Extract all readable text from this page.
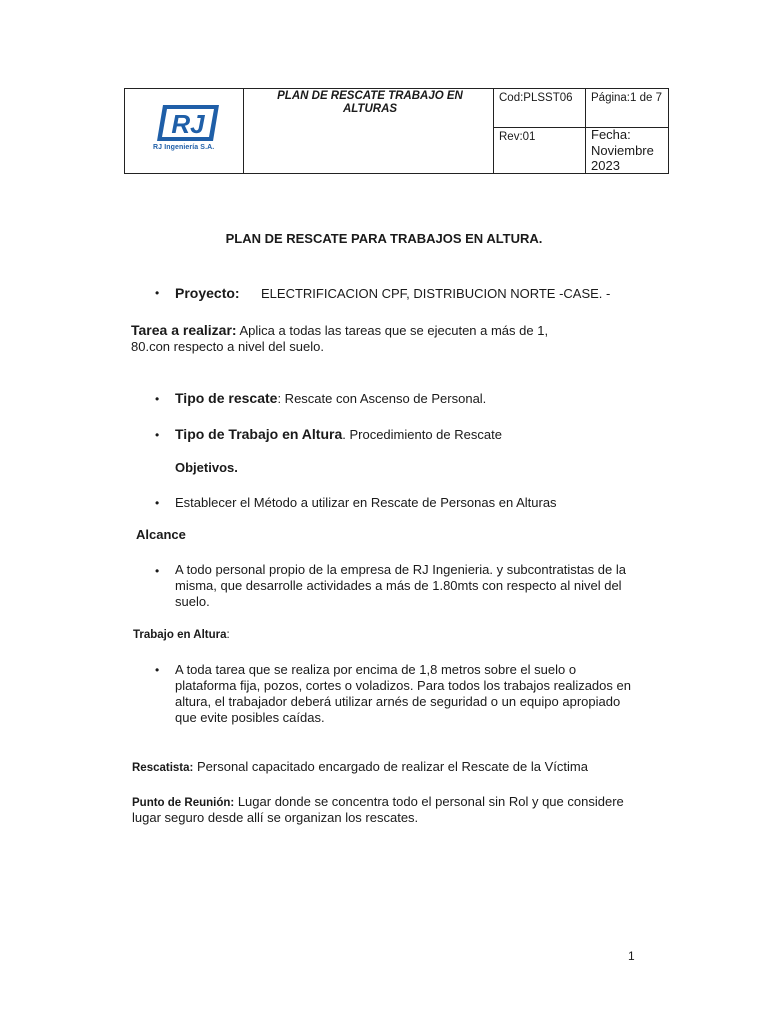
RJ
RJ Ingeniería S.A.
PLAN DE RESCATE TRABAJO EN ALTURAS
Cod:PLSST06 Página:1 de 7
Rev:01	Fecha:
Noviembre
2023
PLAN DE RESCATE PARA TRABAJOS EN ALTURA.
• Proyecto: ELECTRIFICACION CPF, DISTRIBUCION NORTE -CASE. -
Tarea a realizar: Aplica a todas las tareas que se ejecuten a más de 1,
80.con respecto a nivel del suelo.
• Tipo de rescate: Rescate con Ascenso de Personal.
• Tipo de Trabajo en Altura. Procedimiento de Rescate
Objetivos.
• Establecer el Método a utilizar en Rescate de Personas en Alturas
Alcance
• A todo personal propio de la empresa de RJ Ingenieria. y subcontratistas de la
misma, que desarrolle actividades a más de 1.80mts con respecto al nivel del
suelo.
Trabajo en Altura:
• A toda tarea que se realiza por encima de 1,8 metros sobre el suelo o
plataforma fija, pozos, cortes o voladizos. Para todos los trabajos realizados en
altura, el trabajador deberá utilizar arnés de seguridad o un equipo apropiado
que evite posibles caídas.
Rescatista: Personal capacitado encargado de realizar el Rescate de la Víctima
Punto de Reunión: Lugar donde se concentra todo el personal sin Rol y que considere
lugar seguro desde allí se organizan los rescates.
1
